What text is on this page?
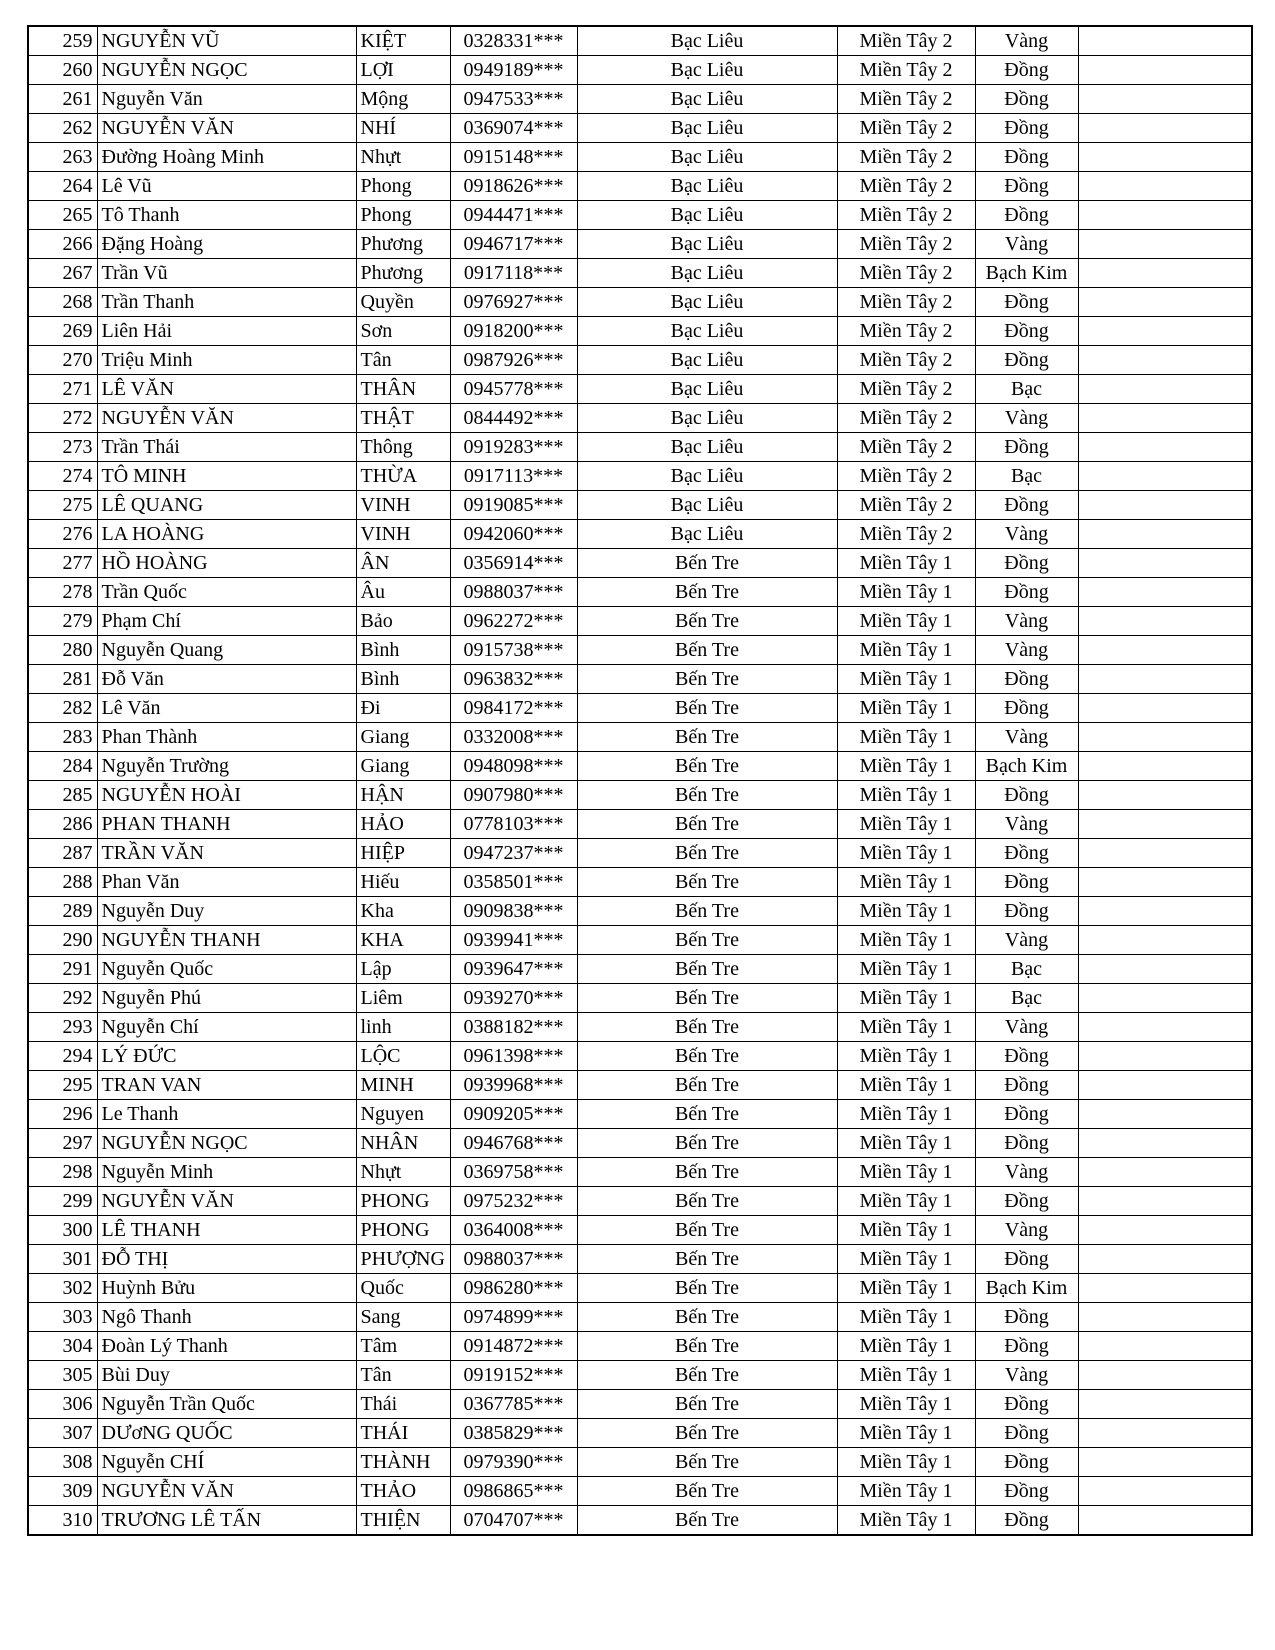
259	NGUYỄN VŨ	KIỆT	0328331***	Bạc Liêu	Miền Tây 2	Vàng	
260	NGUYỄN NGỌC	LỢI	0949189***	Bạc Liêu	Miền Tây 2	Đồng	
261	Nguyễn Văn	Mộng	0947533***	Bạc Liêu	Miền Tây 2	Đồng	
262	NGUYỄN VĂN	NHÍ	0369074***	Bạc Liêu	Miền Tây 2	Đồng	
263	Đường Hoàng Minh	Nhựt	0915148***	Bạc Liêu	Miền Tây 2	Đồng	
264	Lê Vũ	Phong	0918626***	Bạc Liêu	Miền Tây 2	Đồng	
265	Tô Thanh	Phong	0944471***	Bạc Liêu	Miền Tây 2	Đồng	
266	Đặng Hoàng	Phương	0946717***	Bạc Liêu	Miền Tây 2	Vàng	
267	Trần Vũ	Phương	0917118***	Bạc Liêu	Miền Tây 2	Bạch Kim	
268	Trần Thanh	Quyền	0976927***	Bạc Liêu	Miền Tây 2	Đồng	
269	Liên Hải	Sơn	0918200***	Bạc Liêu	Miền Tây 2	Đồng	
270	Triệu Minh	Tân	0987926***	Bạc Liêu	Miền Tây 2	Đồng	
271	LÊ VĂN	THÂN	0945778***	Bạc Liêu	Miền Tây 2	Bạc	
272	NGUYỄN VĂN	THẬT	0844492***	Bạc Liêu	Miền Tây 2	Vàng	
273	Trần Thái	Thông	0919283***	Bạc Liêu	Miền Tây 2	Đồng	
274	TÔ MINH	THỪA	0917113***	Bạc Liêu	Miền Tây 2	Bạc	
275	LÊ QUANG	VINH	0919085***	Bạc Liêu	Miền Tây 2	Đồng	
276	LA HOÀNG	VINH	0942060***	Bạc Liêu	Miền Tây 2	Vàng	
277	HỒ HOÀNG	ÂN	0356914***	Bến Tre	Miền Tây 1	Đồng	
278	Trần Quốc	Âu	0988037***	Bến Tre	Miền Tây 1	Đồng	
279	Phạm Chí	Bảo	0962272***	Bến Tre	Miền Tây 1	Vàng	
280	Nguyễn Quang	Bình	0915738***	Bến Tre	Miền Tây 1	Vàng	
281	Đỗ Văn	Bình	0963832***	Bến Tre	Miền Tây 1	Đồng	
282	Lê Văn	Đi	0984172***	Bến Tre	Miền Tây 1	Đồng	
283	Phan Thành	Giang	0332008***	Bến Tre	Miền Tây 1	Vàng	
284	Nguyễn Trường	Giang	0948098***	Bến Tre	Miền Tây 1	Bạch Kim	
285	NGUYỄN HOÀI	HẬN	0907980***	Bến Tre	Miền Tây 1	Đồng	
286	PHAN THANH	HẢO	0778103***	Bến Tre	Miền Tây 1	Vàng	
287	TRẦN VĂN	HIỆP	0947237***	Bến Tre	Miền Tây 1	Đồng	
288	Phan Văn	Hiếu	0358501***	Bến Tre	Miền Tây 1	Đồng	
289	Nguyễn Duy	Kha	0909838***	Bến Tre	Miền Tây 1	Đồng	
290	NGUYỄN THANH	KHA	0939941***	Bến Tre	Miền Tây 1	Vàng	
291	Nguyễn Quốc	Lập	0939647***	Bến Tre	Miền Tây 1	Bạc	
292	Nguyễn Phú	Liêm	0939270***	Bến Tre	Miền Tây 1	Bạc	
293	Nguyễn Chí	linh	0388182***	Bến Tre	Miền Tây 1	Vàng	
294	LÝ ĐỨC	LỘC	0961398***	Bến Tre	Miền Tây 1	Đồng	
295	TRAN VAN	MINH	0939968***	Bến Tre	Miền Tây 1	Đồng	
296	Le Thanh	Nguyen	0909205***	Bến Tre	Miền Tây 1	Đồng	
297	NGUYỄN NGỌC	NHÂN	0946768***	Bến Tre	Miền Tây 1	Đồng	
298	Nguyễn Minh	Nhựt	0369758***	Bến Tre	Miền Tây 1	Vàng	
299	NGUYỄN VĂN	PHONG	0975232***	Bến Tre	Miền Tây 1	Đồng	
300	LÊ THANH	PHONG	0364008***	Bến Tre	Miền Tây 1	Vàng	
301	ĐỖ THỊ	PHƯỢNG	0988037***	Bến Tre	Miền Tây 1	Đồng	
302	Huỳnh Bửu	Quốc	0986280***	Bến Tre	Miền Tây 1	Bạch Kim	
303	Ngô Thanh	Sang	0974899***	Bến Tre	Miền Tây 1	Đồng	
304	Đoàn Lý Thanh	Tâm	0914872***	Bến Tre	Miền Tây 1	Đồng	
305	Bùi Duy	Tân	0919152***	Bến Tre	Miền Tây 1	Vàng	
306	Nguyễn Trần Quốc	Thái	0367785***	Bến Tre	Miền Tây 1	Đồng	
307	DƯơNG QUỐC	THÁI	0385829***	Bến Tre	Miền Tây 1	Đồng	
308	Nguyễn CHÍ	THÀNH	0979390***	Bến Tre	Miền Tây 1	Đồng	
309	NGUYỄN VĂN	THẢO	0986865***	Bến Tre	Miền Tây 1	Đồng	
310	TRƯƠNG LÊ TẤN	THIỆN	0704707***	Bến Tre	Miền Tây 1	Đồng	
